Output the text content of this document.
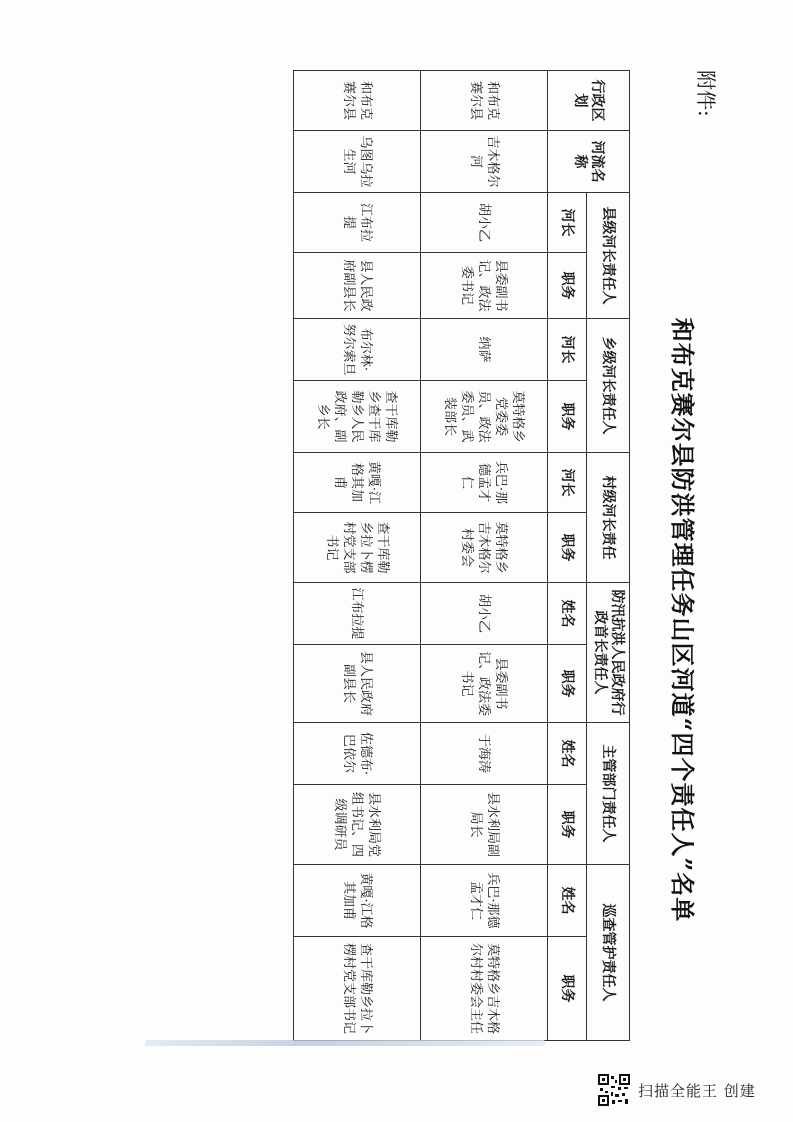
附件:
和布克赛尔县防洪管理任务山区河道“四个责任人”名单
行政区划	河流名称	县级河长责任人		乡级河长责任人		村级河长责任		防汛抗洪人民政府行政首长责任人		主管部门责任人		巡查管护责任人	
		河长	职务	河长	职务	河长	职务	姓名	职务	姓名	职务	姓名	职务
和布克赛尔县	吉木格尔河	胡小乙	县委副书记、政法委书记	纳萨	莫特格乡党委委员、政法委员、武装部长	兵巴·那德孟才仁	莫特格乡吉木格尔村委会	胡小乙	县委副书记、政法委书记	于海涛	县水利局副局长	兵巴·那德孟才仁	莫特格乡吉木格尔村村委会主任
和布克赛尔县	乌图乌拉生河	江布拉提	县人民政府副县长	布尔林·努尔索旦	查干库勒乡查干库勒乡人民政府、副乡长	黄嘎·江格其加甫	查干库勒乡拉卜楞村党支部书记	江布拉提	县人民政府副县长	佐德布·巴依尔	县水利局党组书记、四级调研员	黄嘎·江格其加甫	查干库勒乡拉卜楞村党支部书记
扫描全能王 创建
